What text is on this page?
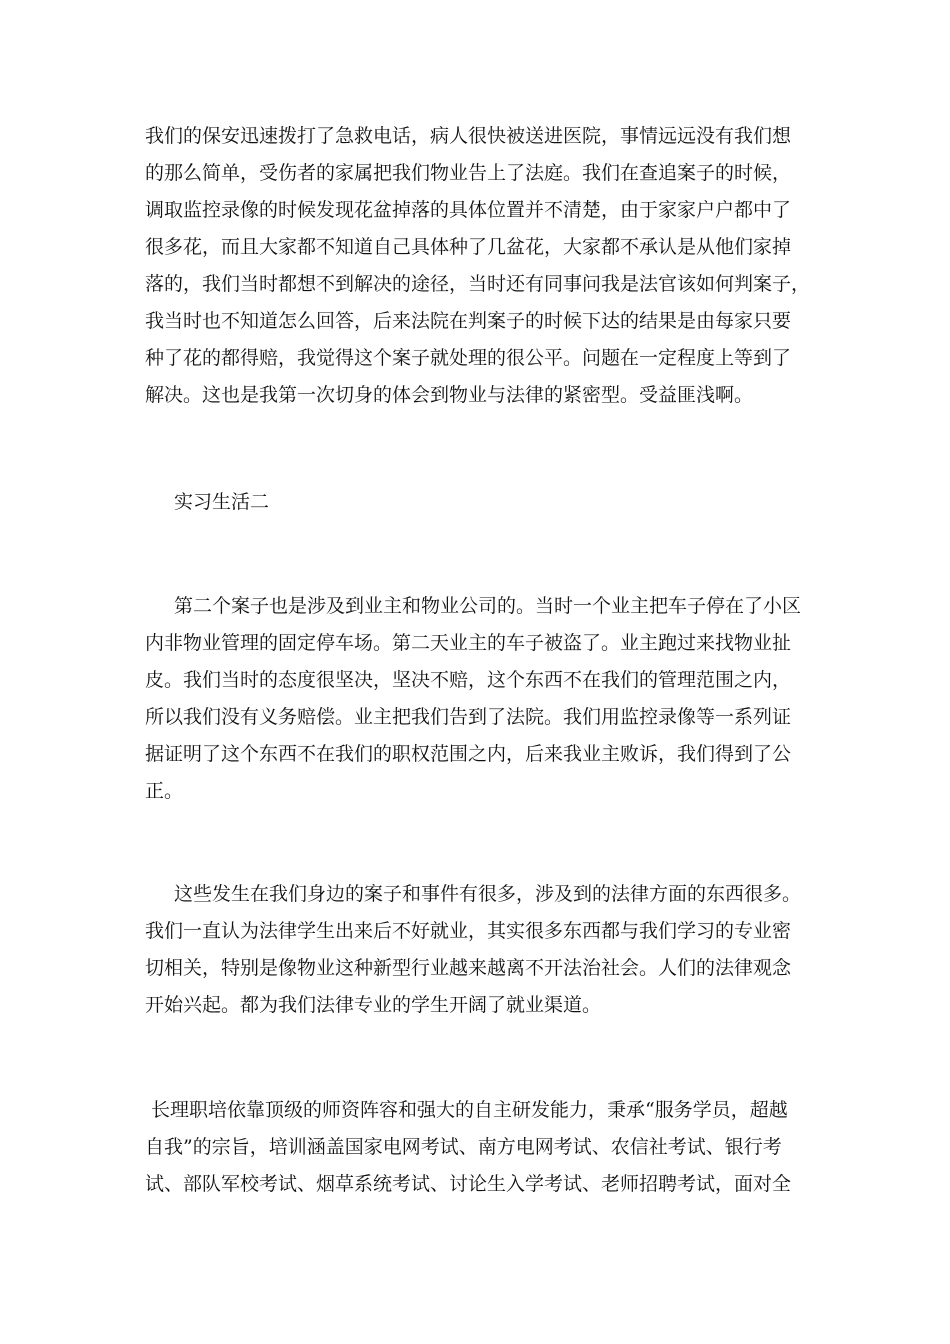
我们的保安迅速拨打了急救电话，病人很快被送进医院，事情远远没有我们想
的那么简单，受伤者的家属把我们物业告上了法庭。我们在查追案子的时候，
调取监控录像的时候发现花盆掉落的具体位置并不清楚，由于家家户户都中了
很多花，而且大家都不知道自己具体种了几盆花，大家都不承认是从他们家掉
落的，我们当时都想不到解决的途径，当时还有同事问我是法官该如何判案子，
我当时也不知道怎么回答，后来法院在判案子的时候下达的结果是由每家只要
种了花的都得赔，我觉得这个案子就处理的很公平。问题在一定程度上等到了
解决。这也是我第一次切身的体会到物业与法律的紧密型。受益匪浅啊。
实习生活二
第二个案子也是涉及到业主和物业公司的。当时一个业主把车子停在了小区
内非物业管理的固定停车场。第二天业主的车子被盗了。业主跑过来找物业扯
皮。我们当时的态度很坚决，坚决不赔，这个东西不在我们的管理范围之内，
所以我们没有义务赔偿。业主把我们告到了法院。我们用监控录像等一系列证
据证明了这个东西不在我们的职权范围之内，后来我业主败诉，我们得到了公
正。
这些发生在我们身边的案子和事件有很多，涉及到的法律方面的东西很多。
我们一直认为法律学生出来后不好就业，其实很多东西都与我们学习的专业密
切相关，特别是像物业这种新型行业越来越离不开法治社会。人们的法律观念
开始兴起。都为我们法律专业的学生开阔了就业渠道。
长理职培依靠顶级的师资阵容和强大的自主研发能力，秉承“服务学员，超越
自我”的宗旨，培训涵盖国家电网考试、南方电网考试、农信社考试、银行考
试、部队军校考试、烟草系统考试、讨论生入学考试、老师招聘考试，面对全
